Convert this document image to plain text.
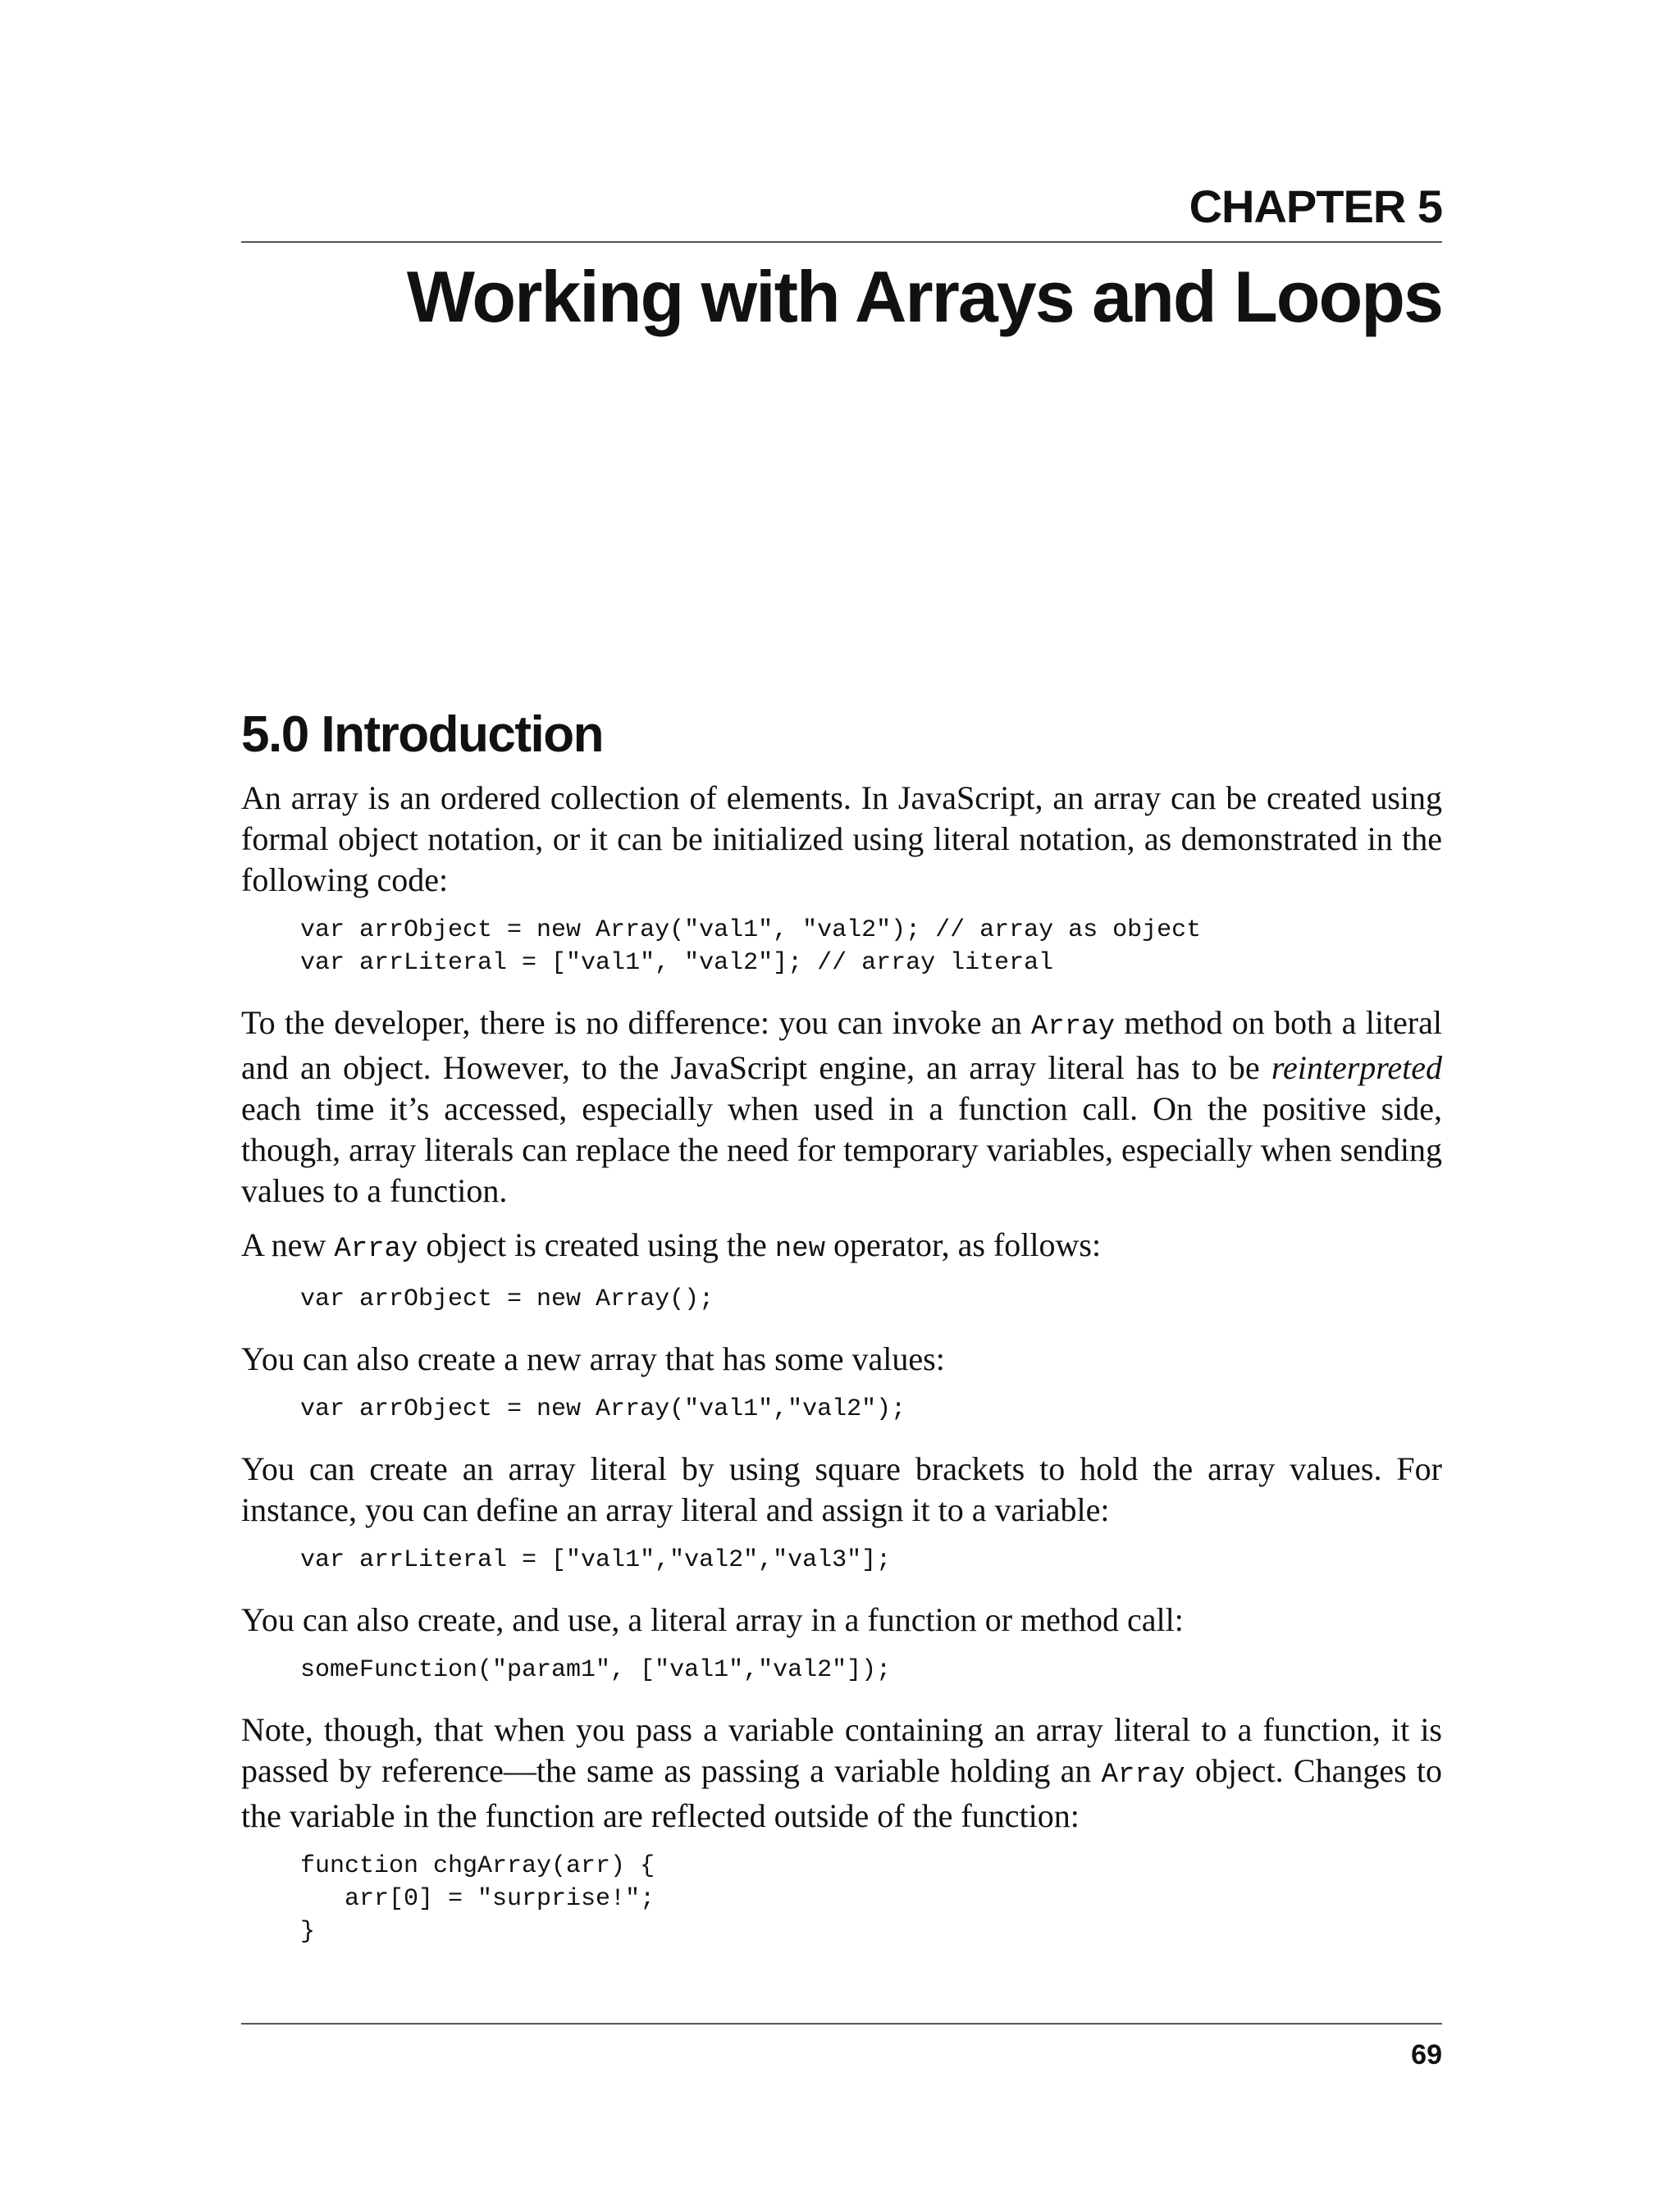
CHAPTER 5
Working with Arrays and Loops
5.0 Introduction

An array is an ordered collection of elements. In JavaScript, an array can be created using formal object notation, or it can be initialized using literal notation, as demonstrated in the following code:

var arrObject = new Array("val1", "val2"); // array as object
var arrLiteral = ["val1", "val2"]; // array literal

To the developer, there is no difference: you can invoke an Array method on both a literal and an object. However, to the JavaScript engine, an array literal has to be reinterpreted each time it’s accessed, especially when used in a function call. On the positive side, though, array literals can replace the need for temporary variables, especially when sending values to a function.

A new Array object is created using the new operator, as follows:

var arrObject = new Array();

You can also create a new array that has some values:

var arrObject = new Array("val1","val2");

You can create an array literal by using square brackets to hold the array values. For instance, you can define an array literal and assign it to a variable:

var arrLiteral = ["val1","val2","val3"];

You can also create, and use, a literal array in a function or method call:

someFunction("param1", ["val1","val2"]);

Note, though, that when you pass a variable containing an array literal to a function, it is passed by reference—the same as passing a variable holding an Array object. Changes to the variable in the function are reflected outside of the function:

function chgArray(arr) {
arr[0] = "surprise!";
}

69
